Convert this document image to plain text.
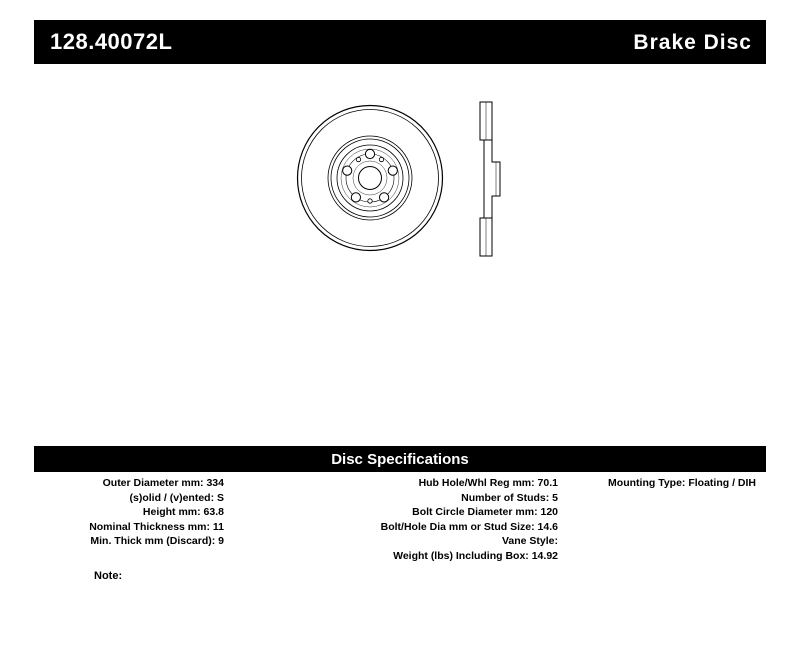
128.40072L	Brake Disc
Disc Specifications
Outer Diameter mm: 334
(s)olid / (v)ented: S
Height mm: 63.8
Nominal Thickness mm: 11
Min. Thick mm (Discard): 9
Hub Hole/Whl Reg mm: 70.1
Number of Studs: 5
Bolt Circle Diameter mm: 120
Bolt/Hole Dia mm or Stud Size: 14.6
Vane Style:
Weight (lbs) Including Box: 14.92
Mounting Type: Floating / DIH
Note:
